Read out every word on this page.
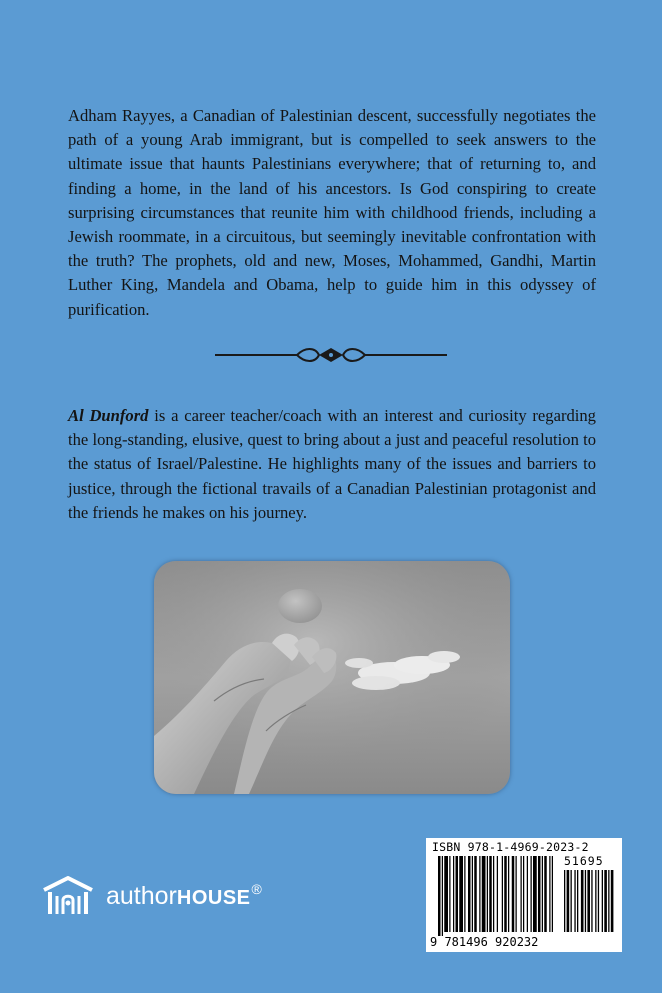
Adham Rayyes, a Canadian of Palestinian descent, successfully negotiates the path of a young Arab immigrant, but is compelled to seek answers to the ultimate issue that haunts Palestinians everywhere; that of returning to, and finding a home, in the land of his ancestors. Is God conspiring to create surprising circumstances that reunite him with childhood friends, including a Jewish roommate, in a circuitous, but seemingly inevitable confrontation with the truth? The prophets, old and new, Moses, Mohammed, Gandhi, Martin Luther King, Mandela and Obama, help to guide him in this odyssey of purification.

Al Dunford is a career teacher/coach with an interest and curiosity regarding the long-standing, elusive, quest to bring about a just and peaceful resolution to the status of Israel/Palestine. He highlights many of the issues and barriers to justice, through the fictional travails of a Canadian Palestinian protagonist and the friends he makes on his journey.

author HOUSE ®
ISBN 978-1-4969-2023-2
51695
9 781496 920232
